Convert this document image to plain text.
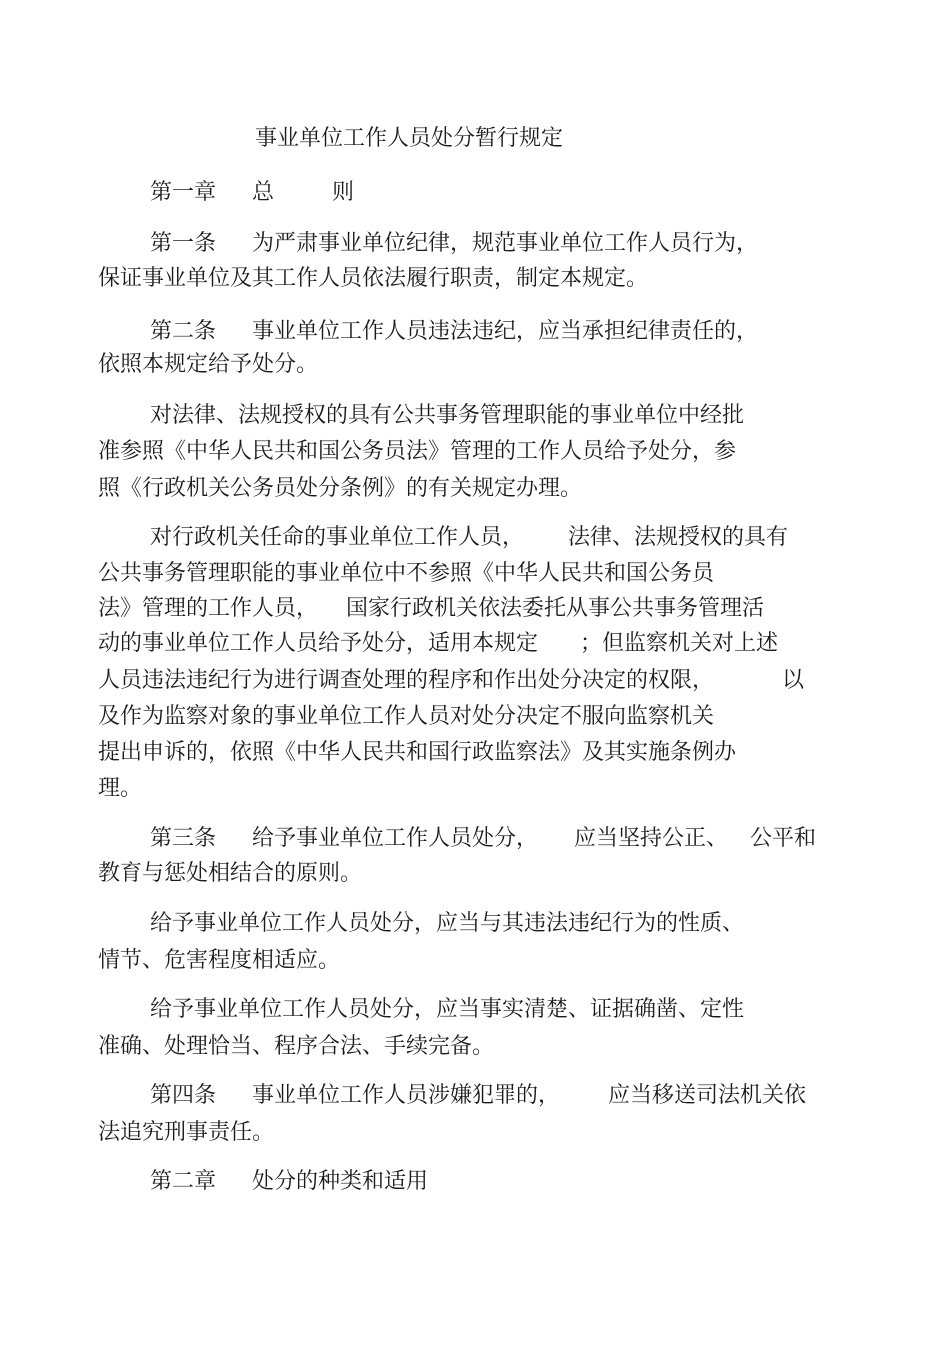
事业单位工作人员处分暂行规定
第一章 总	则
第一条 为严肃事业单位纪律，规范事业单位工作人员行为，
保证事业单位及其工作人员依法履行职责，制定本规定。
第二条 事业单位工作人员违法违纪，应当承担纪律责任的，
依照本规定给予处分。
对法律、法规授权的具有公共事务管理职能的事业单位中经批
准参照《中华人民共和国公务员法》管理的工作人员给予处分，参
照《行政机关公务员处分条例》的有关规定办理。
对行政机关任命的事业单位工作人员， 法律、法规授权的具有
公共事务管理职能的事业单位中不参照《中华人民共和国公务员
法》管理的工作人员， 国家行政机关依法委托从事公共事务管理活
动的事业单位工作人员给予处分，适用本规定 ；但监察机关对上述
人员违法违纪行为进行调查处理的程序和作出处分决定的权限，	以
及作为监察对象的事业单位工作人员对处分决定不服向监察机关
提出申诉的，依照《中华人民共和国行政监察法》及其实施条例办
理。
第三条 给予事业单位工作人员处分， 应当坚持公正、 公平和
教育与惩处相结合的原则。
给予事业单位工作人员处分，应当与其违法违纪行为的性质、
情节、危害程度相适应。
给予事业单位工作人员处分，应当事实清楚、证据确凿、定性
准确、处理恰当、程序合法、手续完备。
第四条 事业单位工作人员涉嫌犯罪的， 应当移送司法机关依
法追究刑事责任。
第二章 处分的种类和适用
